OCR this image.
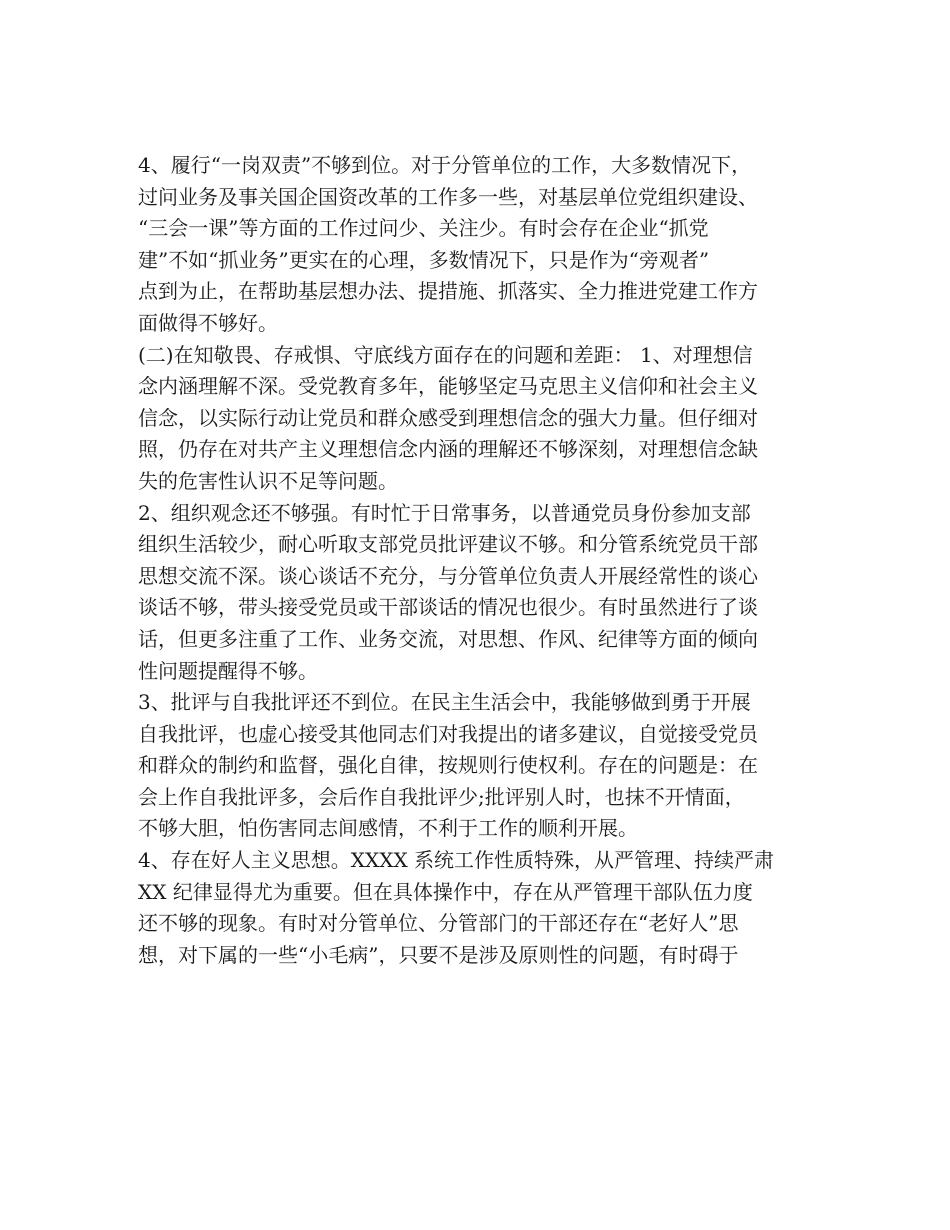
4、履行“一岗双责”不够到位。对于分管单位的工作，大多数情况下，
过问业务及事关国企国资改革的工作多一些，对基层单位党组织建设、
“三会一课”等方面的工作过问少、关注少。有时会存在企业“抓党
建”不如“抓业务”更实在的心理，多数情况下，只是作为“旁观者”
点到为止，在帮助基层想办法、提措施、抓落实、全力推进党建工作方
面做得不够好。
(二)在知敬畏、存戒惧、守底线方面存在的问题和差距： 1、对理想信
念内涵理解不深。受党教育多年，能够坚定马克思主义信仰和社会主义
信念，以实际行动让党员和群众感受到理想信念的强大力量。但仔细对
照，仍存在对共产主义理想信念内涵的理解还不够深刻，对理想信念缺
失的危害性认识不足等问题。
2、组织观念还不够强。有时忙于日常事务，以普通党员身份参加支部
组织生活较少，耐心听取支部党员批评建议不够。和分管系统党员干部
思想交流不深。谈心谈话不充分，与分管单位负责人开展经常性的谈心
谈话不够，带头接受党员或干部谈话的情况也很少。有时虽然进行了谈
话，但更多注重了工作、业务交流，对思想、作风、纪律等方面的倾向
性问题提醒得不够。
3、批评与自我批评还不到位。在民主生活会中，我能够做到勇于开展
自我批评，也虚心接受其他同志们对我提出的诸多建议，自觉接受党员
和群众的制约和监督，强化自律，按规则行使权利。存在的问题是：在
会上作自我批评多，会后作自我批评少;批评别人时，也抹不开情面，
不够大胆，怕伤害同志间感情，不利于工作的顺利开展。
4、存在好人主义思想。XXXX 系统工作性质特殊，从严管理、持续严肃
XX 纪律显得尤为重要。但在具体操作中，存在从严管理干部队伍力度
还不够的现象。有时对分管单位、分管部门的干部还存在“老好人”思
想，对下属的一些“小毛病”，只要不是涉及原则性的问题，有时碍于
